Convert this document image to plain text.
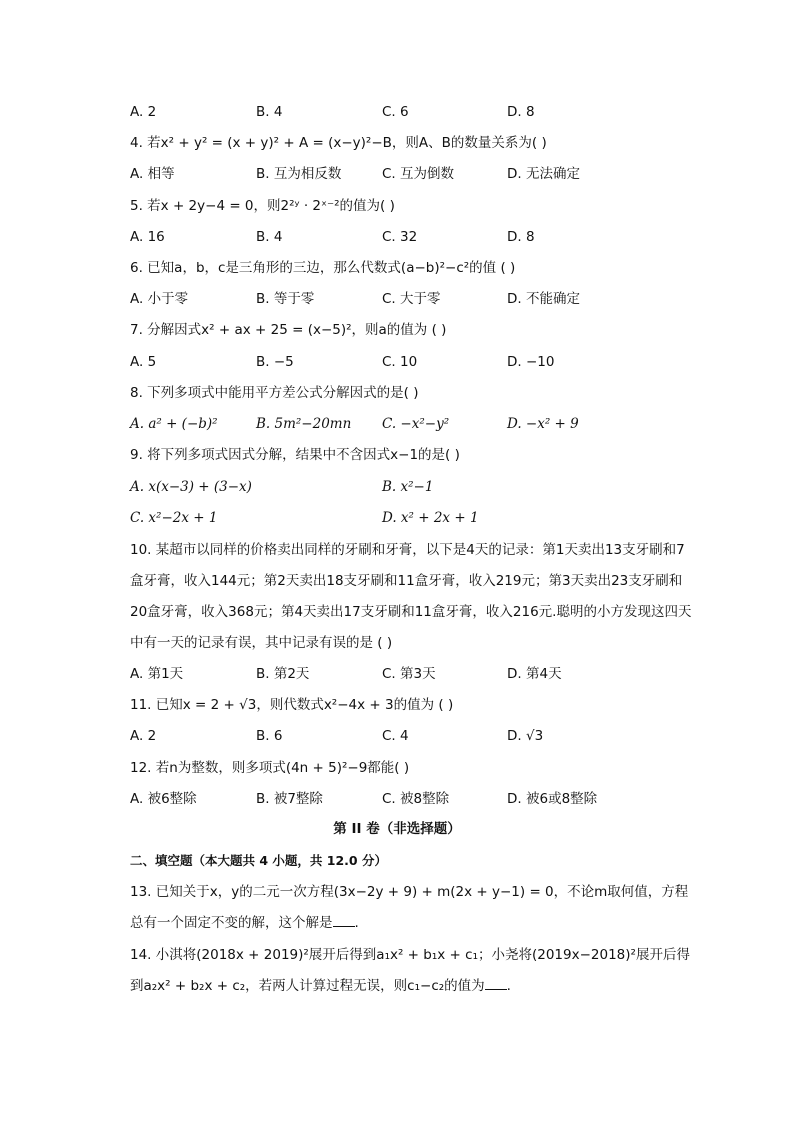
A. 2	B. 4	C. 6	D. 8
4. 若x² + y² = (x + y)² + A = (x−y)²−B，则A、B的数量关系为( )
A. 相等	B. 互为相反数	C. 互为倒数	D. 无法确定
5. 若x + 2y−4 = 0，则2²ʸ · 2ˣ⁻²的值为( )
A. 16	B. 4	C. 32	D. 8
6. 已知a，b，c是三角形的三边，那么代数式(a−b)²−c²的值 ( )
A. 小于零	B. 等于零	C. 大于零	D. 不能确定
7. 分解因式x² + ax + 25 = (x−5)²，则a的值为 ( )
A. 5	B. −5	C. 10	D. −10
8. 下列多项式中能用平方差公式分解因式的是( )
A. a² + (−b)²	B. 5m²−20mn C. −x²−y²	D. −x² + 9
9. 将下列多项式因式分解，结果中不含因式x−1的是( )
A. x(x−3) + (3−x)	B. x²−1
C. x²−2x + 1	D. x² + 2x + 1
10. 某超市以同样的价格卖出同样的牙刷和牙膏，以下是4天的记录：第1天卖出13支牙刷和7盒牙膏，收入144元；第2天卖出18支牙刷和11盒牙膏，收入219元；第3天卖出23支牙刷和20盒牙膏，收入368元；第4天卖出17支牙刷和11盒牙膏，收入216元.聪明的小方发现这四天中有一天的记录有误，其中记录有误的是 ( )
A. 第1天	B. 第2天	C. 第3天	D. 第4天
11. 已知x = 2 + √3，则代数式x²−4x + 3的值为 ( )
A. 2	B. 6	C. 4	D. √3
12. 若n为整数，则多项式(4n + 5)²−9都能( )
A. 被6整除	B. 被7整除	C. 被8整除	D. 被6或8整除
第 II 卷（非选择题）
二、填空题（本大题共 4 小题，共 12.0 分）
13. 已知关于x，y的二元一次方程(3x−2y + 9) + m(2x + y−1) = 0，不论m取何值，方程总有一个固定不变的解，这个解是 .
14. 小淇将(2018x + 2019)²展开后得到a₁x² + b₁x + c₁；小尧将(2019x−2018)²展开后得到a₂x² + b₂x + c₂，若两人计算过程无误，则c₁−c₂的值为 .
